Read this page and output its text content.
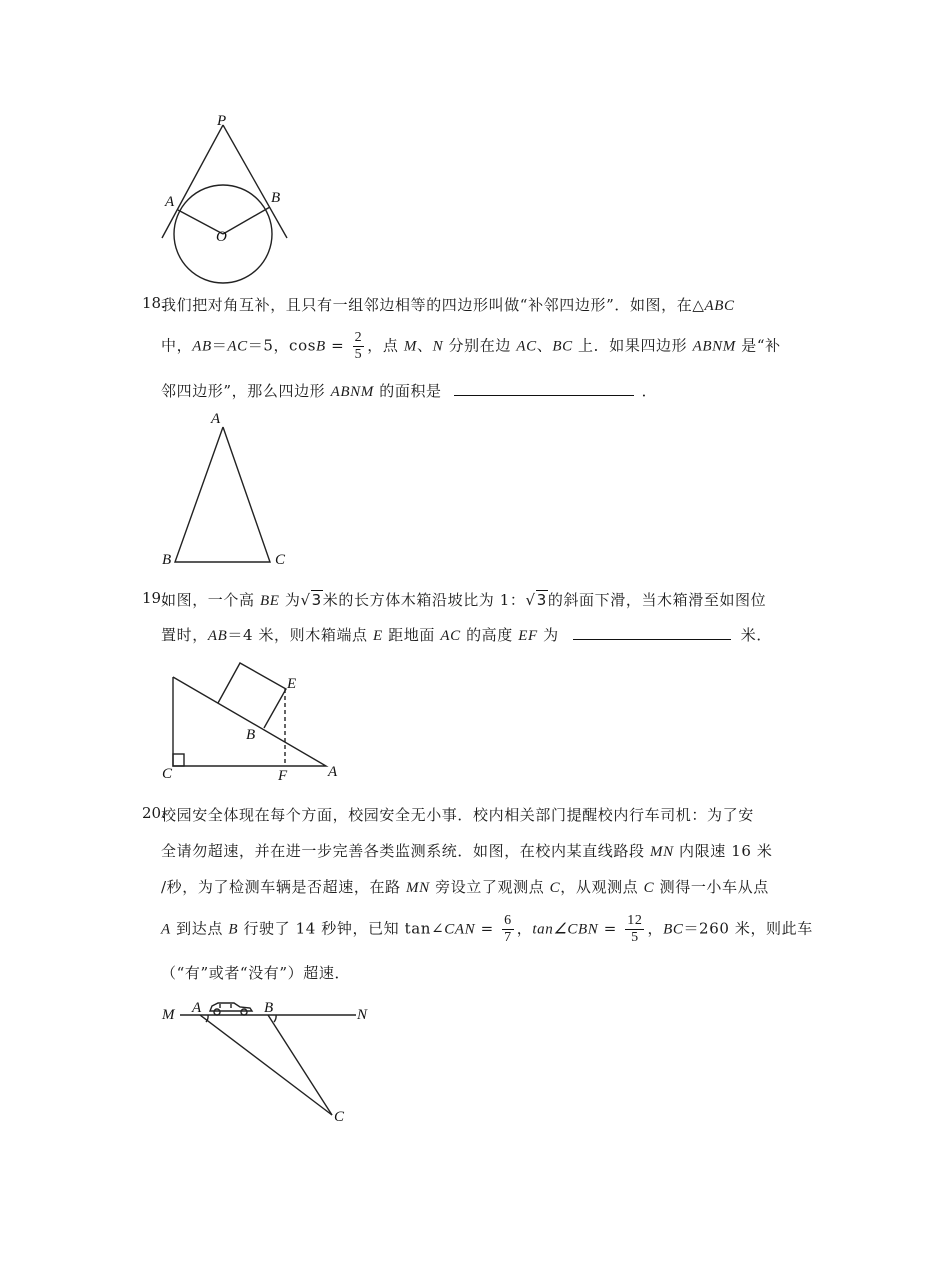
P
A	B
O
18.
我们把对角互补，且只有一组邻边相等的四边形叫做“补邻四边形”．如图，在△ABC
中，AB＝AC＝5，$\cos B = \frac{2}{5}$ ，点 M、N 分别在边 AC、BC 上．如果四边形 ABNM 是“补
邻四边形”，那么四边形 ABNM 的面积是	．
A
B	C
19.
如图，一个高 BE 为√3米的长方体木箱沿坡比为 1：√3的斜面下滑，当木箱滑至如图位
置时，AB＝4 米，则木箱端点 E 距地面 AC 的高度 EF 为	米．
E
B
C	F	A
20.
校园安全体现在每个方面，校园安全无小事．校内相关部门提醒校内行车司机：为了安
全请勿超速，并在进一步完善各类监测系统．如图，在校内某直线路段 MN 内限速 16 米
/秒，为了检测车辆是否超速，在路 MN 旁设立了观测点 C，从观测点 C 测得一小车从点
A 到达点 B 行驶了 14 秒钟，已知 tan∠CAN = $\frac{6}{7}$ ，tan∠CBN = $\frac{12}{5}$ ，BC＝260 米，则此车
（“有”或者“没有”）超速．
M A	B	N
C
